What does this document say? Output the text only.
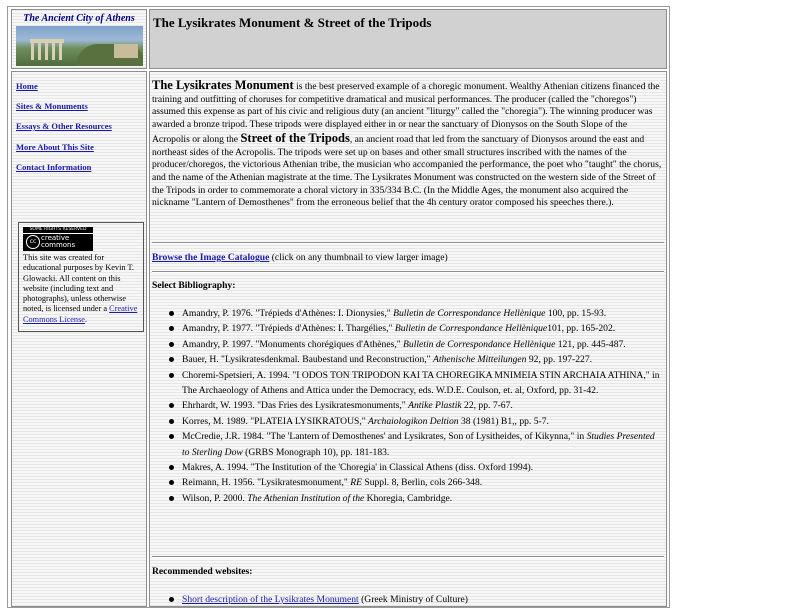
The Ancient City of Athens	The Lysikrates Monument & Street of the Tripods
Home
Sites & Monuments
Essays & Other Resources
More About This Site
Contact Information
SOME RIGHTS RESERVED
cc creative commons
This site was created for educational purposes by Kevin T. Glowacki. All content on this website (including text and photographs), unless otherwise noted, is licensed under a Creative Commons License.
The Lysikrates Monument is the best preserved example of a choregic monument. Wealthy Athenian citizens financed the training and outfitting of choruses for competitive dramatical and musical performances. The producer (called the "choregos") assumed this expense as part of his civic and religious duty (an ancient "liturgy" called the "choregia"). The winning producer was awarded a bronze tripod. These tripods were displayed either in or near the sanctuary of Dionysos on the South Slope of the Acropolis or along the Street of the Tripods, an ancient road that led from the sanctuary of Dionysos around the east and northeast sides of the Acropolis. The tripods were set up on bases and other small structures inscribed with the names of the producer/choregos, the victorious Athenian tribe, the musician who accompanied the performance, the poet who "taught" the chorus, and the name of the Athenian magistrate at the time. The Lysikrates Monument was constructed on the western side of the Street of the Tripods in order to commemorate a choral victory in 335/334 B.C. (In the Middle Ages, the monument also acquired the nickname "Lantern of Demosthenes" from the erroneous belief that the 4h century orator composed his speeches there.).
Browse the Image Catalogue (click on any thumbnail to view larger image)
Select Bibliography:
Amandry, P. 1976. "Trépieds d'Athènes: I. Dionysies," Bulletin de Correspondance Hellènique 100, pp. 15-93.
Amandry, P. 1977. "Trépieds d'Athènes: I. Thargélies," Bulletin de Correspondance Hellènique101, pp. 165-202.
Amandry, P. 1997. "Monuments chorégiques d'Athènes," Bulletin de Correspondance Hellènique 121, pp. 445-487.
Bauer, H. "Lysikratesdenkmal. Baubestand und Reconstruction," Athenische Mitteilungen 92, pp. 197-227.
Choremi-Spetsieri, A. 1994. "I ODOS TON TRIPODON KAI TA CHOREGIKA MNIMEIA STIN ARCHAIA ATHINA," in The Archaeology of Athens and Attica under the Democracy, eds. W.D.E. Coulson, et. al, Oxford, pp. 31-42.
Ehrhardt, W. 1993. "Das Fries des Lysikratesmonuments," Antike Plastik 22, pp. 7-67.
Korres, M. 1989. "PLATEIA LYSIKRATOUS," Archaiologikon Deltion 38 (1981) B1,, pp. 5-7.
McCredie, J.R. 1984. "The 'Lantern of Demosthenes' and Lysikrates, Son of Lysitheides, of Kikynna," in Studies Presented to Sterling Dow (GRBS Monograph 10), pp. 181-183.
Makres, A. 1994. "The Institution of the 'Choregia' in Classical Athens (diss. Oxford 1994).
Reimann, H. 1956. "Lysikratesmonument," RE Suppl. 8, Berlin, cols 266-348.
Wilson, P. 2000. The Athenian Institution of the Khoregia, Cambridge.
Recommended websites:
Short description of the Lysikrates Monument (Greek Ministry of Culture)
